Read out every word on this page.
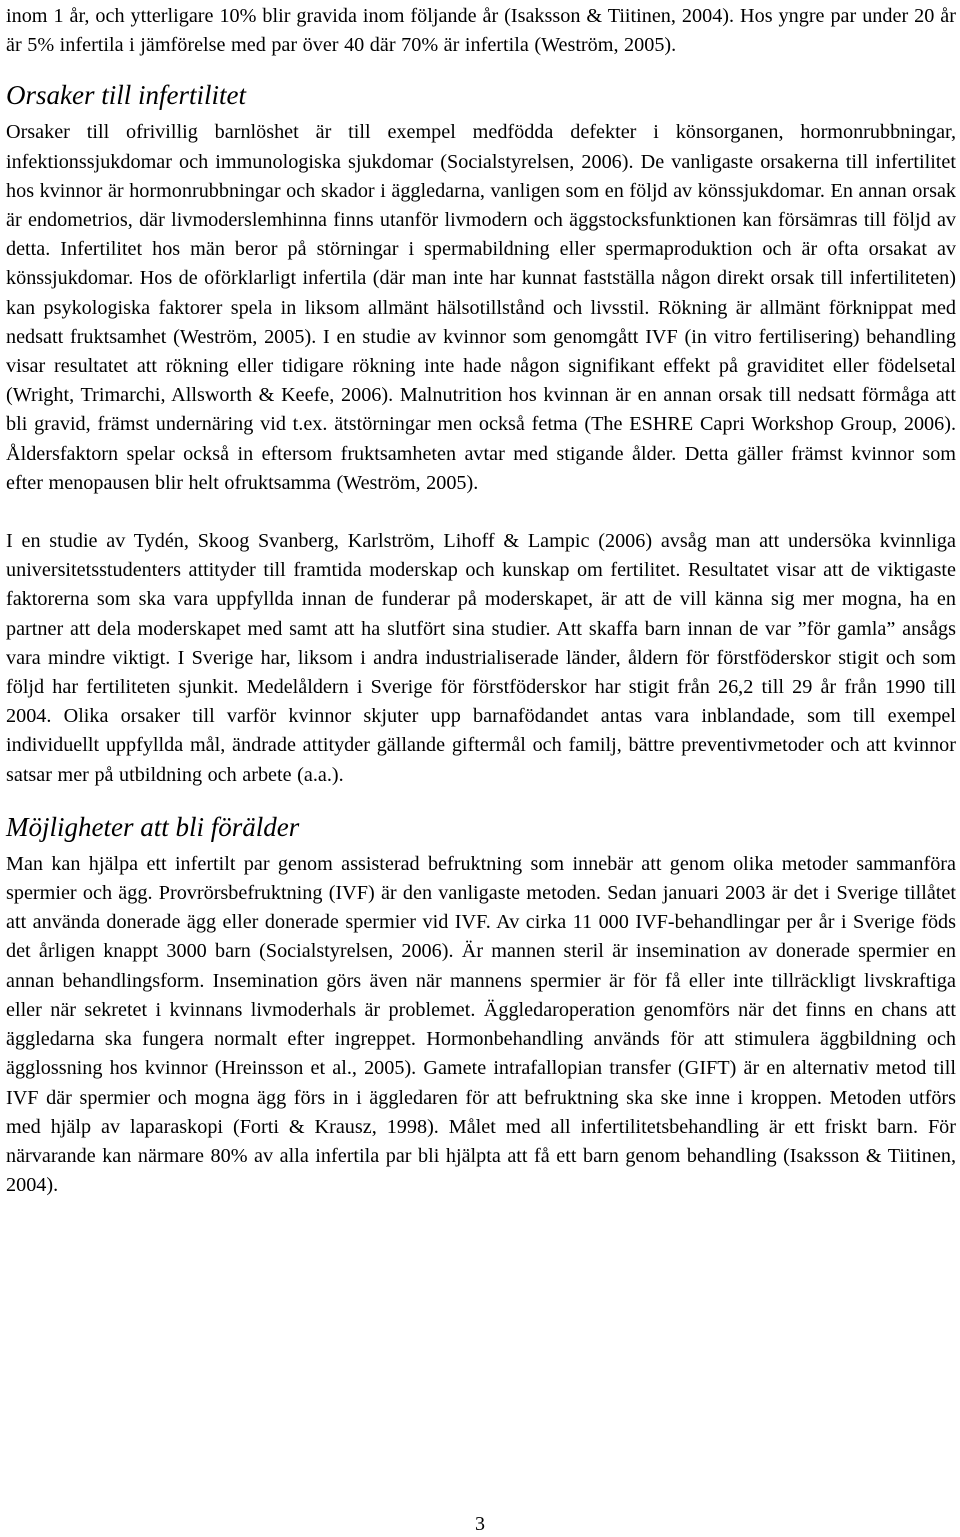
inom 1 år, och ytterligare 10% blir gravida inom följande år (Isaksson & Tiitinen, 2004). Hos yngre par under 20 år är 5% infertila i jämförelse med par över 40 där 70% är infertila (Weström, 2005).

Orsaker till infertilitet

Orsaker till ofrivillig barnlöshet är till exempel medfödda defekter i könsorganen, hormonrubbningar, infektionssjukdomar och immunologiska sjukdomar (Socialstyrelsen, 2006). De vanligaste orsakerna till infertilitet hos kvinnor är hormonrubbningar och skador i äggledarna, vanligen som en följd av könssjukdomar. En annan orsak är endometrios, där livmoderslemhinna finns utanför livmodern och äggstocksfunktionen kan försämras till följd av detta. Infertilitet hos män beror på störningar i spermabildning eller spermaproduktion och är ofta orsakat av könssjukdomar. Hos de oförklarligt infertila (där man inte har kunnat fastställa någon direkt orsak till infertiliteten) kan psykologiska faktorer spela in liksom allmänt hälsotillstånd och livsstil. Rökning är allmänt förknippat med nedsatt fruktsamhet (Weström, 2005). I en studie av kvinnor som genomgått IVF (in vitro fertilisering) behandling visar resultatet att rökning eller tidigare rökning inte hade någon signifikant effekt på graviditet eller födelsetal (Wright, Trimarchi, Allsworth & Keefe, 2006). Malnutrition hos kvinnan är en annan orsak till nedsatt förmåga att bli gravid, främst undernäring vid t.ex. ätstörningar men också fetma (The ESHRE Capri Workshop Group, 2006). Åldersfaktorn spelar också in eftersom fruktsamheten avtar med stigande ålder. Detta gäller främst kvinnor som efter menopausen blir helt ofruktsamma (Weström, 2005).

I en studie av Tydén, Skoog Svanberg, Karlström, Lihoff & Lampic (2006) avsåg man att undersöka kvinnliga universitetsstudenters attityder till framtida moderskap och kunskap om fertilitet. Resultatet visar att de viktigaste faktorerna som ska vara uppfyllda innan de funderar på moderskapet, är att de vill känna sig mer mogna, ha en partner att dela moderskapet med samt att ha slutfört sina studier. Att skaffa barn innan de var ”för gamla” ansågs vara mindre viktigt. I Sverige har, liksom i andra industrialiserade länder, åldern för förstföderskor stigit och som följd har fertiliteten sjunkit. Medelåldern i Sverige för förstföderskor har stigit från 26,2 till 29 år från 1990 till 2004. Olika orsaker till varför kvinnor skjuter upp barnafödandet antas vara inblandade, som till exempel individuellt uppfyllda mål, ändrade attityder gällande giftermål och familj, bättre preventivmetoder och att kvinnor satsar mer på utbildning och arbete (a.a.).

Möjligheter att bli förälder

Man kan hjälpa ett infertilt par genom assisterad befruktning som innebär att genom olika metoder sammanföra spermier och ägg. Provrörsbefruktning (IVF) är den vanligaste metoden. Sedan januari 2003 är det i Sverige tillåtet att använda donerade ägg eller donerade spermier vid IVF. Av cirka 11 000 IVF-behandlingar per år i Sverige föds det årligen knappt 3000 barn (Socialstyrelsen, 2006). Är mannen steril är insemination av donerade spermier en annan behandlingsform. Insemination görs även när mannens spermier är för få eller inte tillräckligt livskraftiga eller när sekretet i kvinnans livmoderhals är problemet. Äggledaroperation genomförs när det finns en chans att äggledarna ska fungera normalt efter ingreppet. Hormonbehandling används för att stimulera äggbildning och ägglossning hos kvinnor (Hreinsson et al., 2005). Gamete intrafallopian transfer (GIFT) är en alternativ metod till IVF där spermier och mogna ägg förs in i äggledaren för att befruktning ska ske inne i kroppen. Metoden utförs med hjälp av laparaskopi (Forti & Krausz, 1998). Målet med all infertilitetsbehandling är ett friskt barn. För närvarande kan närmare 80% av alla infertila par bli hjälpta att få ett barn genom behandling (Isaksson & Tiitinen, 2004).

3
